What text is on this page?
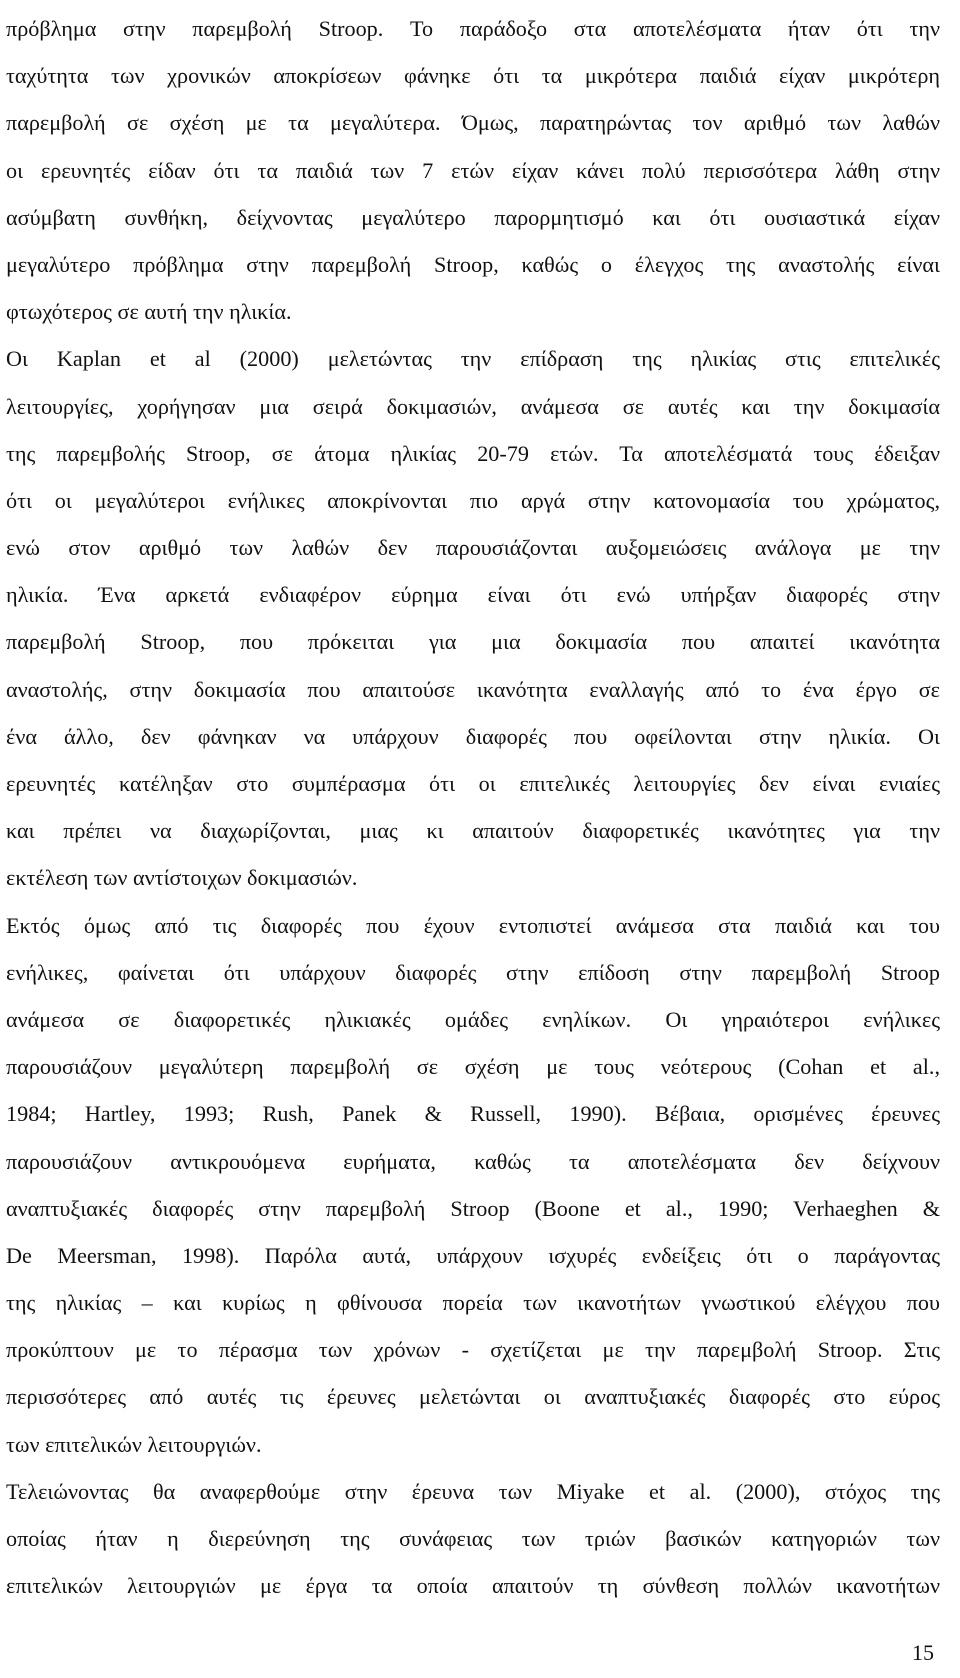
πρόβλημα στην παρεμβολή Stroop. Το παράδοξο στα αποτελέσματα ήταν ότι την
ταχύτητα των χρονικών αποκρίσεων φάνηκε ότι τα μικρότερα παιδιά είχαν μικρότερη
παρεμβολή σε σχέση με τα μεγαλύτερα. Όμως, παρατηρώντας τον αριθμό των λαθών
οι ερευνητές είδαν ότι τα παιδιά των 7 ετών είχαν κάνει πολύ περισσότερα λάθη στην
ασύμβατη συνθήκη, δείχνοντας μεγαλύτερο παρορμητισμό και ότι ουσιαστικά είχαν
μεγαλύτερο πρόβλημα στην παρεμβολή Stroop, καθώς ο έλεγχος της αναστολής είναι
φτωχότερος σε αυτή την ηλικία.
Οι Kaplan et al (2000) μελετώντας την επίδραση της ηλικίας στις επιτελικές
λειτουργίες, χορήγησαν μια σειρά δοκιμασιών, ανάμεσα σε αυτές και την δοκιμασία
της παρεμβολής Stroop, σε άτομα ηλικίας 20-79 ετών. Τα αποτελέσματά τους έδειξαν
ότι οι μεγαλύτεροι ενήλικες αποκρίνονται πιο αργά στην κατονομασία του χρώματος,
ενώ στον αριθμό των λαθών δεν παρουσιάζονται αυξομειώσεις ανάλογα με την
ηλικία. Ένα αρκετά ενδιαφέρον εύρημα είναι ότι ενώ υπήρξαν διαφορές στην
παρεμβολή Stroop, που πρόκειται για μια δοκιμασία που απαιτεί ικανότητα
αναστολής, στην δοκιμασία που απαιτούσε ικανότητα εναλλαγής από το ένα έργο σε
ένα άλλο, δεν φάνηκαν να υπάρχουν διαφορές που οφείλονται στην ηλικία. Οι
ερευνητές κατέληξαν στο συμπέρασμα ότι οι επιτελικές λειτουργίες δεν είναι ενιαίες
και πρέπει να διαχωρίζονται, μιας κι απαιτούν διαφορετικές ικανότητες για την
εκτέλεση των αντίστοιχων δοκιμασιών.
Εκτός όμως από τις διαφορές που έχουν εντοπιστεί ανάμεσα στα παιδιά και του
ενήλικες, φαίνεται ότι υπάρχουν διαφορές στην επίδοση στην παρεμβολή Stroop
ανάμεσα σε διαφορετικές ηλικιακές ομάδες ενηλίκων. Οι γηραιότεροι ενήλικες
παρουσιάζουν μεγαλύτερη παρεμβολή σε σχέση με τους νεότερους (Cohan et al.,
1984; Hartley, 1993; Rush, Panek & Russell, 1990). Βέβαια, ορισμένες έρευνες
παρουσιάζουν αντικρουόμενα ευρήματα, καθώς τα αποτελέσματα δεν δείχνουν
αναπτυξιακές διαφορές στην παρεμβολή Stroop (Boone et al., 1990; Verhaeghen &
De Meersman, 1998). Παρόλα αυτά, υπάρχουν ισχυρές ενδείξεις ότι ο παράγοντας
της ηλικίας – και κυρίως η φθίνουσα πορεία των ικανοτήτων γνωστικού ελέγχου που
προκύπτουν με το πέρασμα των χρόνων - σχετίζεται με την παρεμβολή Stroop. Στις
περισσότερες από αυτές τις έρευνες μελετώνται οι αναπτυξιακές διαφορές στο εύρος
των επιτελικών λειτουργιών.
Τελειώνοντας θα αναφερθούμε στην έρευνα των Miyake et al. (2000), στόχος της
οποίας ήταν η διερεύνηση της συνάφειας των τριών βασικών κατηγοριών των
επιτελικών λειτουργιών με έργα τα οποία απαιτούν τη σύνθεση πολλών ικανοτήτων
15
